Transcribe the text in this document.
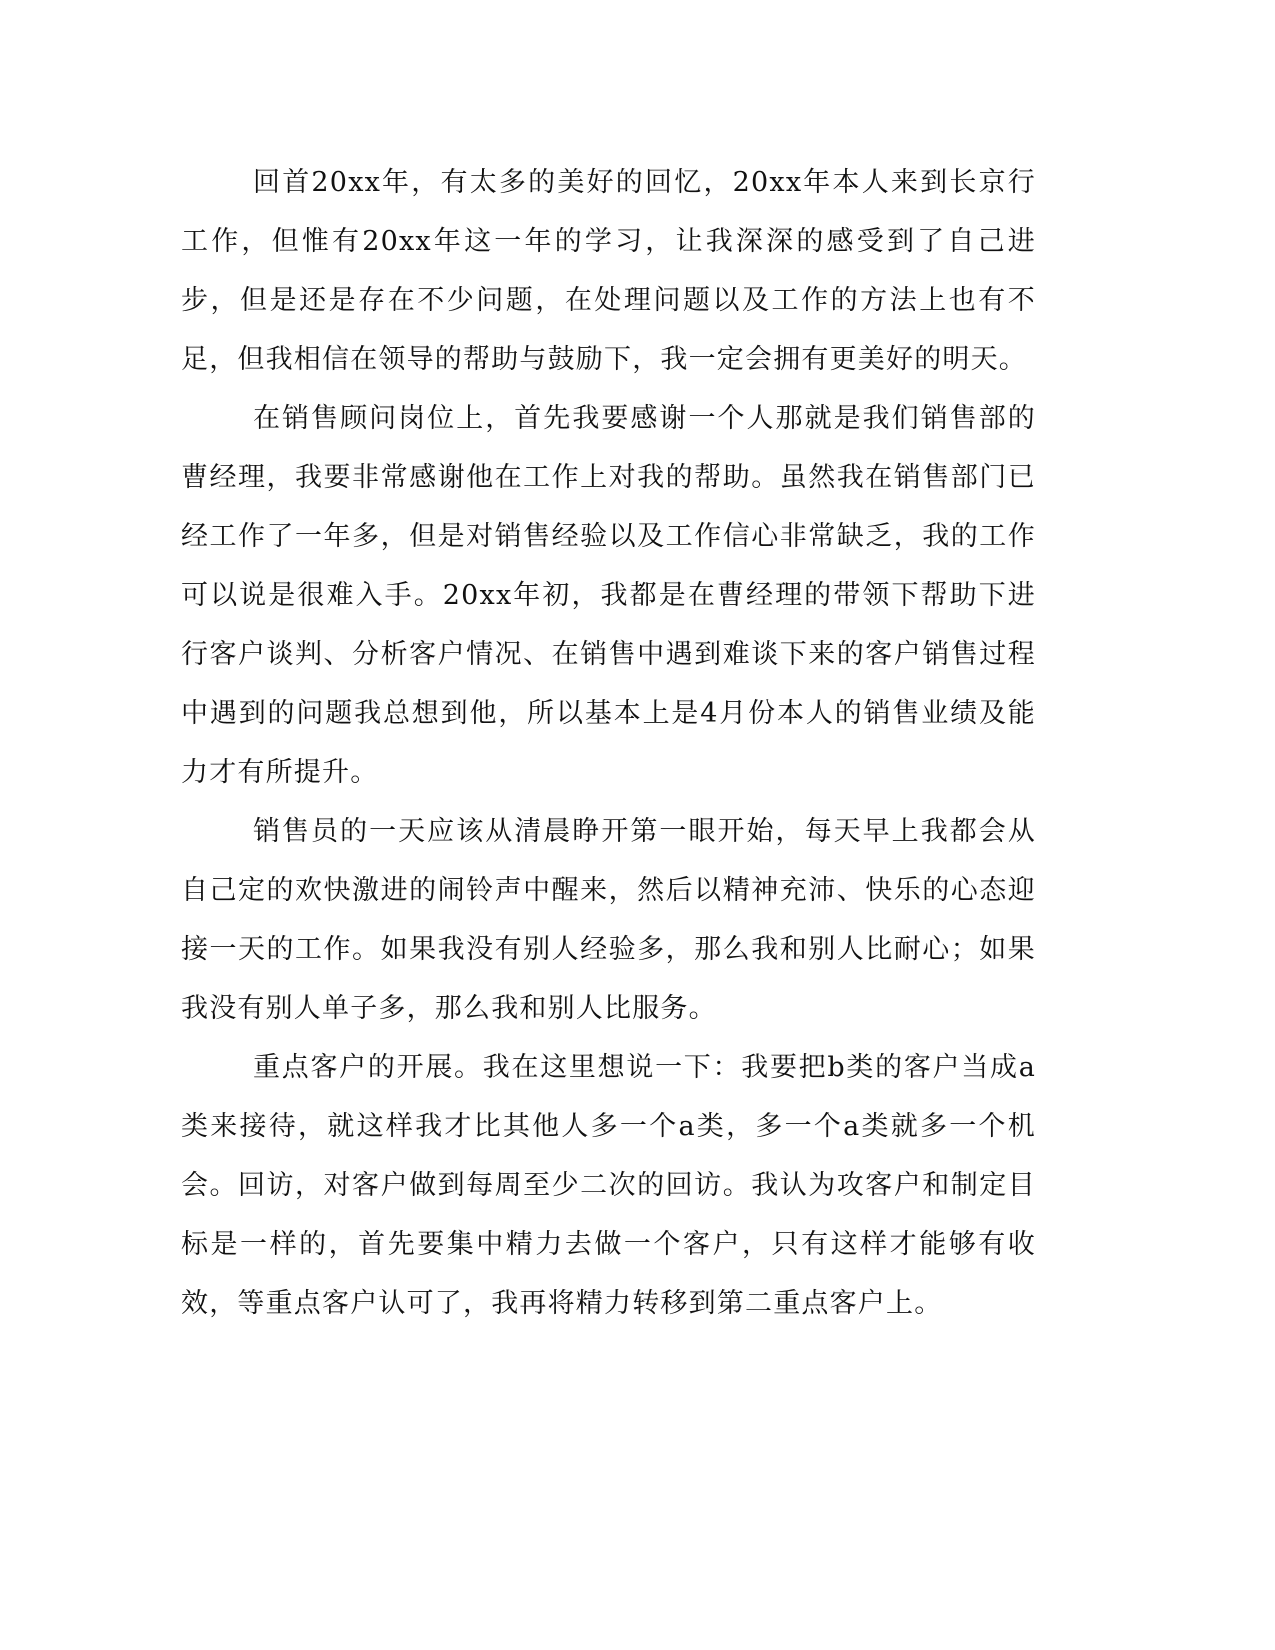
回首20xx年，有太多的美好的回忆，20xx年本人来到长京行工作，但惟有20xx年这一年的学习，让我深深的感受到了自己进步，但是还是存在不少问题，在处理问题以及工作的方法上也有不足，但我相信在领导的帮助与鼓励下，我一定会拥有更美好的明天。

在销售顾问岗位上，首先我要感谢一个人那就是我们销售部的曹经理，我要非常感谢他在工作上对我的帮助。虽然我在销售部门已经工作了一年多，但是对销售经验以及工作信心非常缺乏，我的工作可以说是很难入手。20xx年初，我都是在曹经理的带领下帮助下进行客户谈判、分析客户情况、在销售中遇到难谈下来的客户销售过程中遇到的问题我总想到他，所以基本上是4月份本人的销售业绩及能力才有所提升。

销售员的一天应该从清晨睁开第一眼开始，每天早上我都会从自己定的欢快激进的闹铃声中醒来，然后以精神充沛、快乐的心态迎接一天的工作。如果我没有别人经验多，那么我和别人比耐心；如果我没有别人单子多，那么我和别人比服务。

重点客户的开展。我在这里想说一下：我要把b类的客户当成a类来接待，就这样我才比其他人多一个a类，多一个a类就多一个机会。回访，对客户做到每周至少二次的回访。我认为攻客户和制定目标是一样的，首先要集中精力去做一个客户，只有这样才能够有收效，等重点客户认可了，我再将精力转移到第二重点客户上。
